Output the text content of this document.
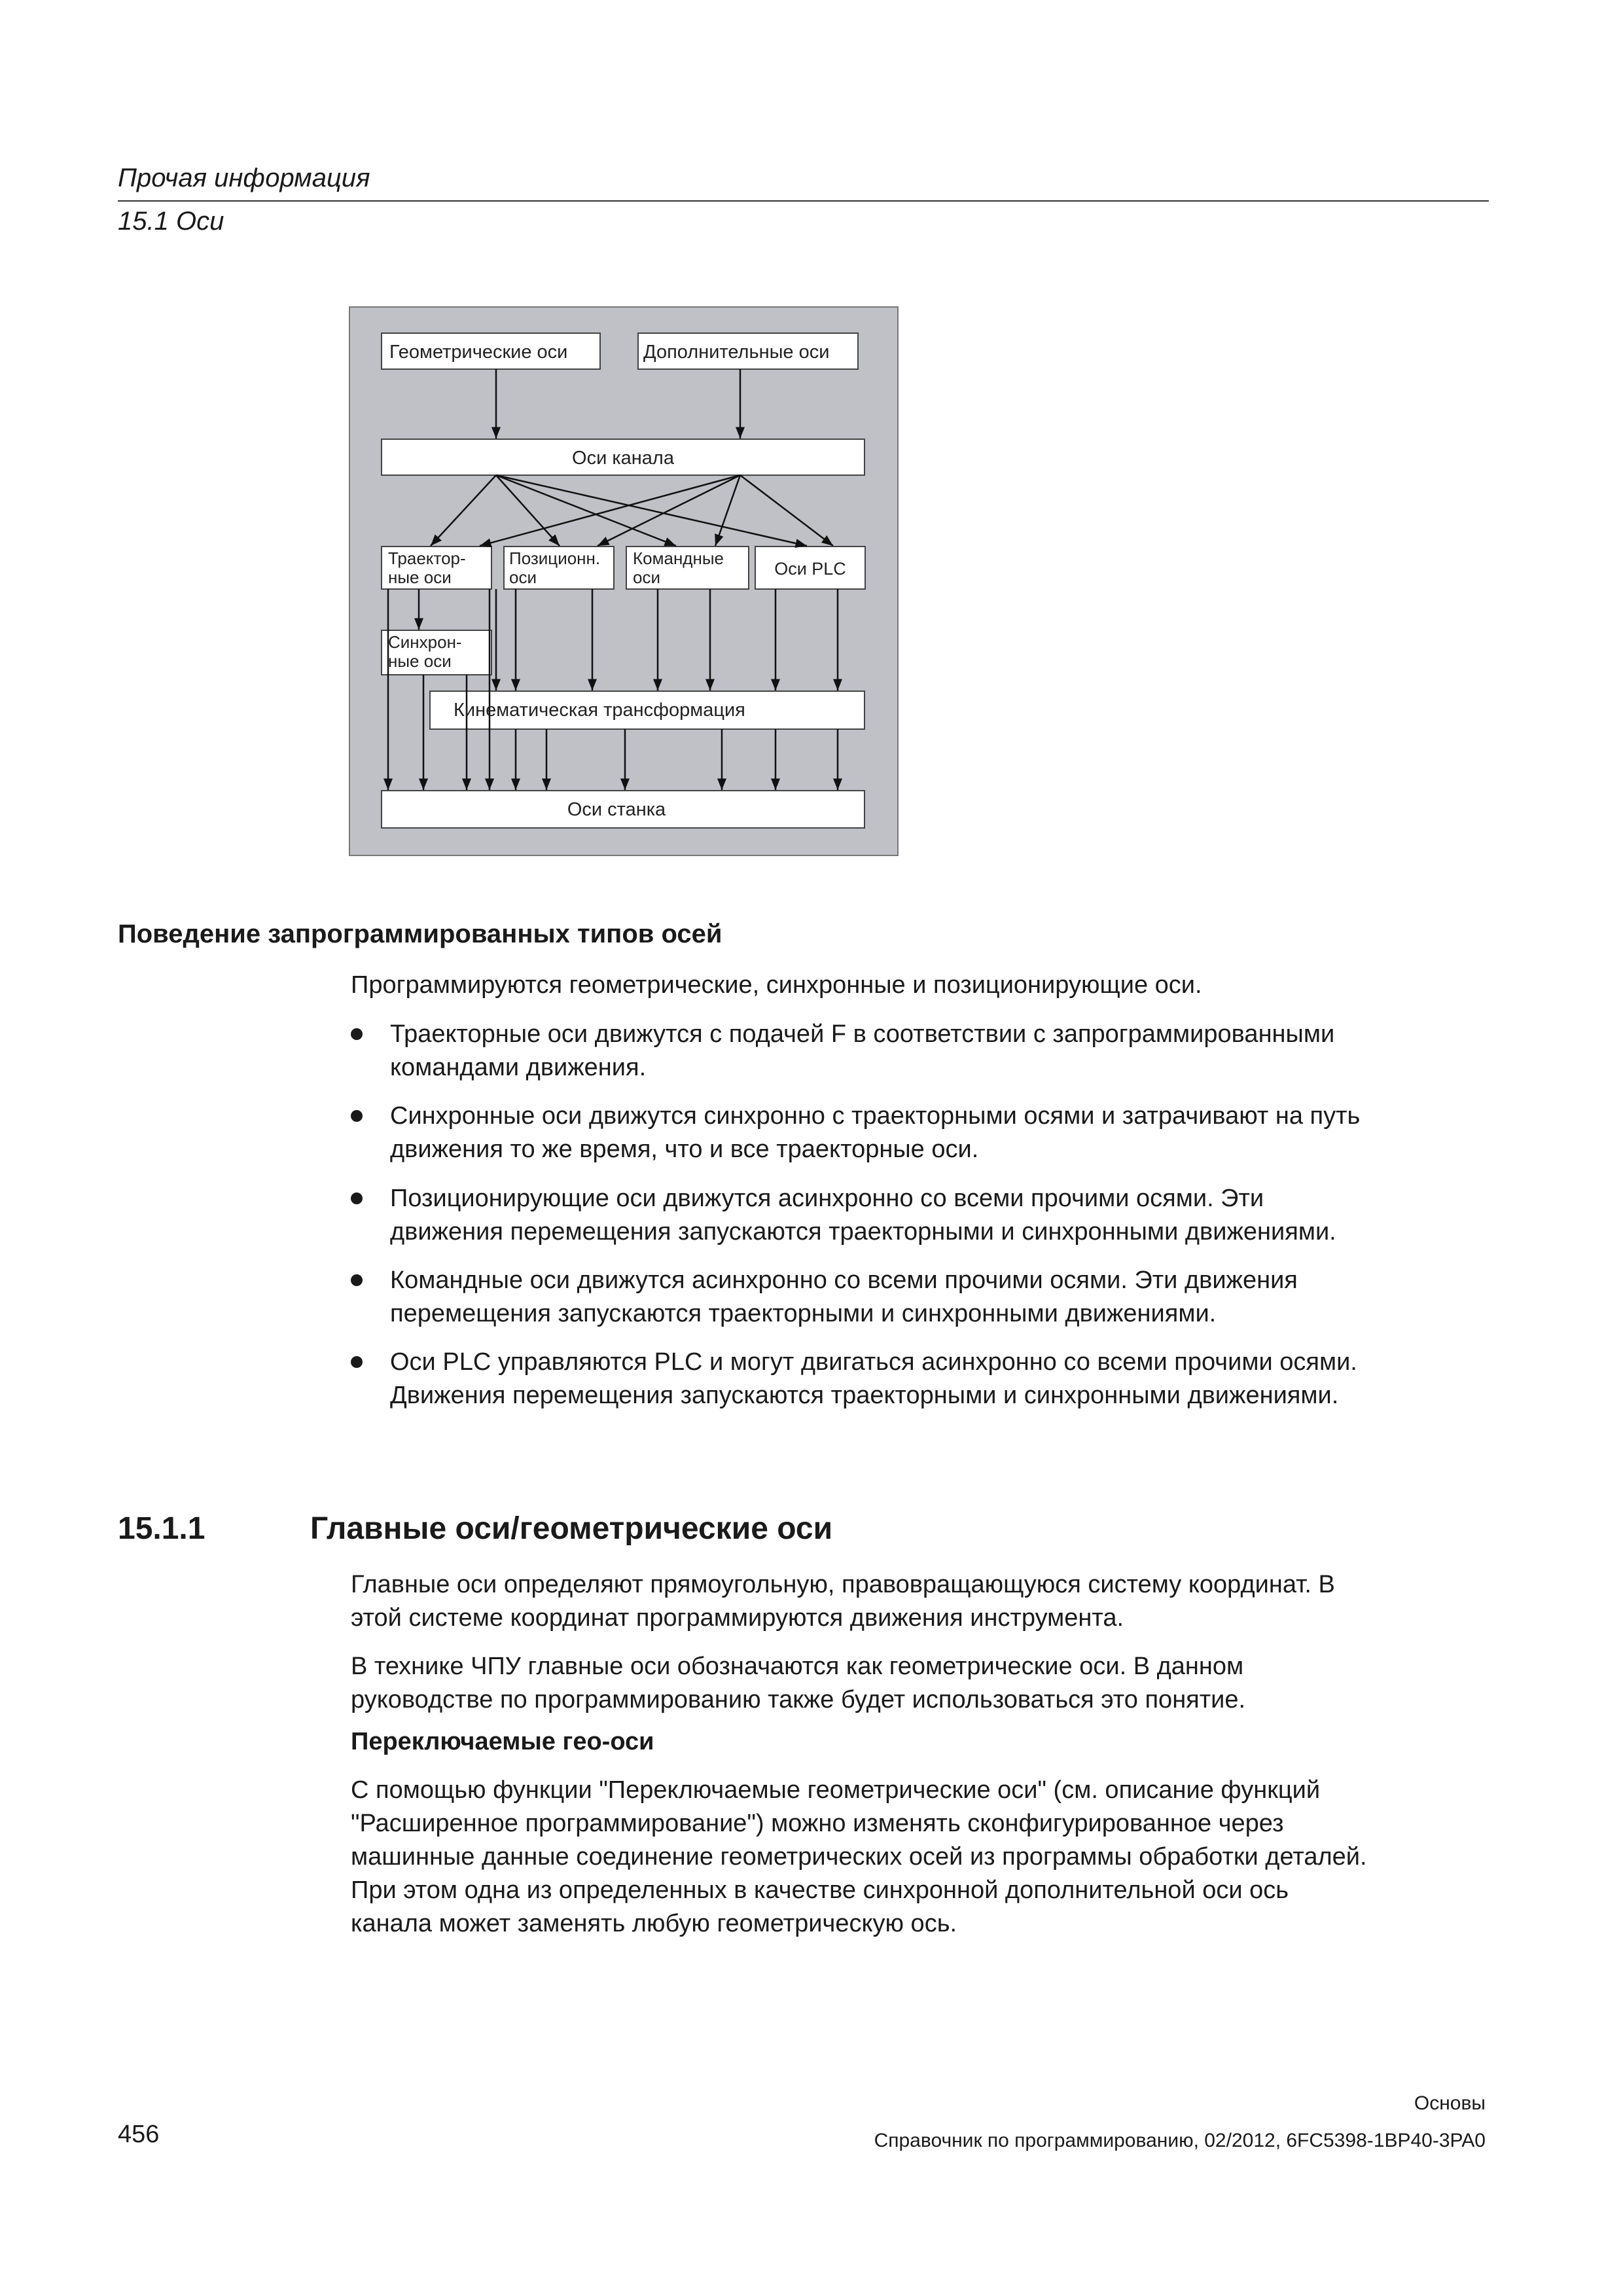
Прочая информация
15.1 Оси
Геометрические оси	Дополнительные оси
Оси канала
Траектор-
ные оси
Позиционн.
оси
Командные
оси	Оси PLC
Синхрон-
ные оси
Кинематическая трансформация
Оси станка
Поведение запрограммированных типов осей

Программируются геометрические, синхронные и позиционирующие оси.

Траекторные оси движутся с подачей F в соответствии с запрограммированными
командами движения.

Синхронные оси движутся синхронно с траекторными осями и затрачивают на путь
движения то же время, что и все траекторные оси.

Позиционирующие оси движутся асинхронно со всеми прочими осями. Эти
движения перемещения запускаются траекторными и синхронными движениями.

Командные оси движутся асинхронно со всеми прочими осями. Эти движения
перемещения запускаются траекторными и синхронными движениями.

Оси PLC управляются PLC и могут двигаться асинхронно со всеми прочими осями.
Движения перемещения запускаются траекторными и синхронными движениями.

15.1.1	Главные оси/геометрические оси

Главные оси определяют прямоугольную, правовращающуюся систему координат. В
этой системе координат программируются движения инструмента.

В технике ЧПУ главные оси обозначаются как геометрические оси. В данном
руководстве по программированию также будет использоваться это понятие.

Переключаемые гео-оси

С помощью функции "Переключаемые геометрические оси" (см. описание функций
"Расширенное программирование") можно изменять сконфигурированное через
машинные данные соединение геометрических осей из программы обработки деталей.
При этом одна из определенных в качестве синхронной дополнительной оси ось
канала может заменять любую геометрическую ось.

Основы
456	Справочник по программированию, 02/2012, 6FC5398-1BP40-3PA0
